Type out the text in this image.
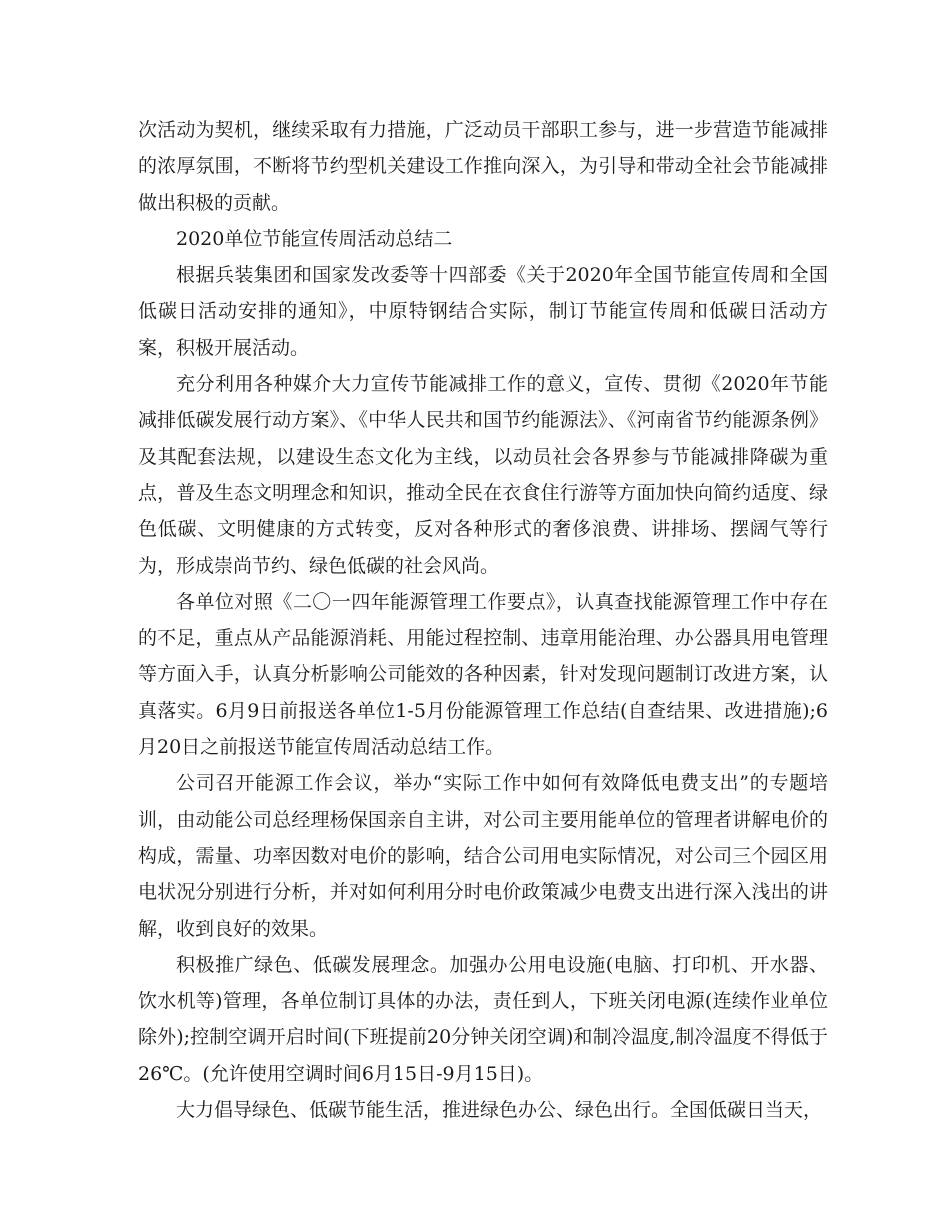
次活动为契机，继续采取有力措施，广泛动员干部职工参与，进一步营造节能减排的浓厚氛围，不断将节约型机关建设工作推向深入，为引导和带动全社会节能减排做出积极的贡献。

2020单位节能宣传周活动总结二

根据兵装集团和国家发改委等十四部委《关于2020年全国节能宣传周和全国低碳日活动安排的通知》，中原特钢结合实际，制订节能宣传周和低碳日活动方案，积极开展活动。

充分利用各种媒介大力宣传节能减排工作的意义，宣传、贯彻《2020年节能减排低碳发展行动方案》、《中华人民共和国节约能源法》、《河南省节约能源条例》及其配套法规，以建设生态文化为主线，以动员社会各界参与节能减排降碳为重点，普及生态文明理念和知识，推动全民在衣食住行游等方面加快向简约适度、绿色低碳、文明健康的方式转变，反对各种形式的奢侈浪费、讲排场、摆阔气等行为，形成崇尚节约、绿色低碳的社会风尚。

各单位对照《二〇一四年能源管理工作要点》，认真查找能源管理工作中存在的不足，重点从产品能源消耗、用能过程控制、违章用能治理、办公器具用电管理等方面入手，认真分析影响公司能效的各种因素，针对发现问题制订改进方案，认真落实。6月9日前报送各单位1-5月份能源管理工作总结(自查结果、改进措施);6月20日之前报送节能宣传周活动总结工作。

公司召开能源工作会议，举办“实际工作中如何有效降低电费支出”的专题培训，由动能公司总经理杨保国亲自主讲，对公司主要用能单位的管理者讲解电价的构成，需量、功率因数对电价的影响，结合公司用电实际情况，对公司三个园区用电状况分别进行分析，并对如何利用分时电价政策减少电费支出进行深入浅出的讲解，收到良好的效果。

积极推广绿色、低碳发展理念。加强办公用电设施(电脑、打印机、开水器、饮水机等)管理，各单位制订具体的办法，责任到人，下班关闭电源(连续作业单位除外);控制空调开启时间(下班提前20分钟关闭空调)和制冷温度,制冷温度不得低于26℃。(允许使用空调时间6月15日-9月15日)。

大力倡导绿色、低碳节能生活，推进绿色办公、绿色出行。全国低碳日当天，
